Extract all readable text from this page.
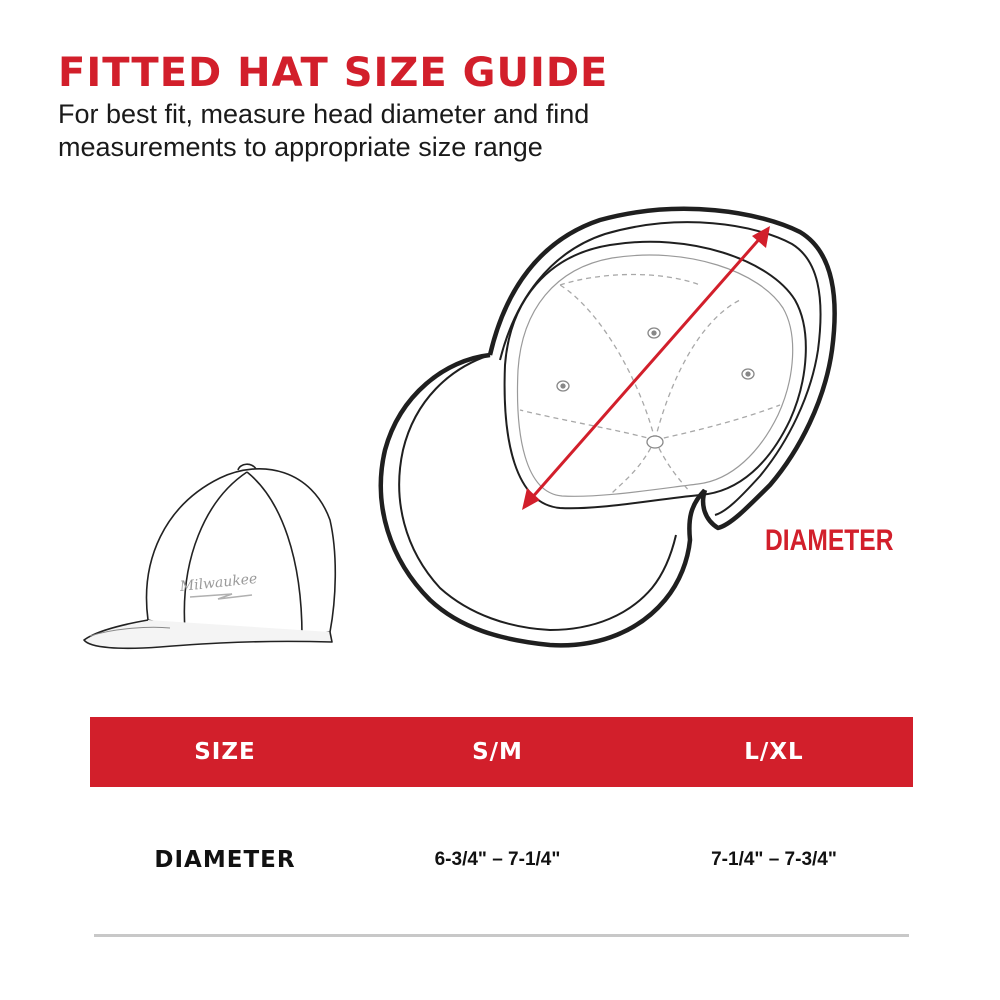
FITTED HAT SIZE GUIDE

For best fit, measure head diameter and find measurements to appropriate size range

Milwaukee
DIAMETER
SIZE	S/M	L/XL
DIAMETER	6-3/4" – 7-1/4"	7-1/4" – 7-3/4"
